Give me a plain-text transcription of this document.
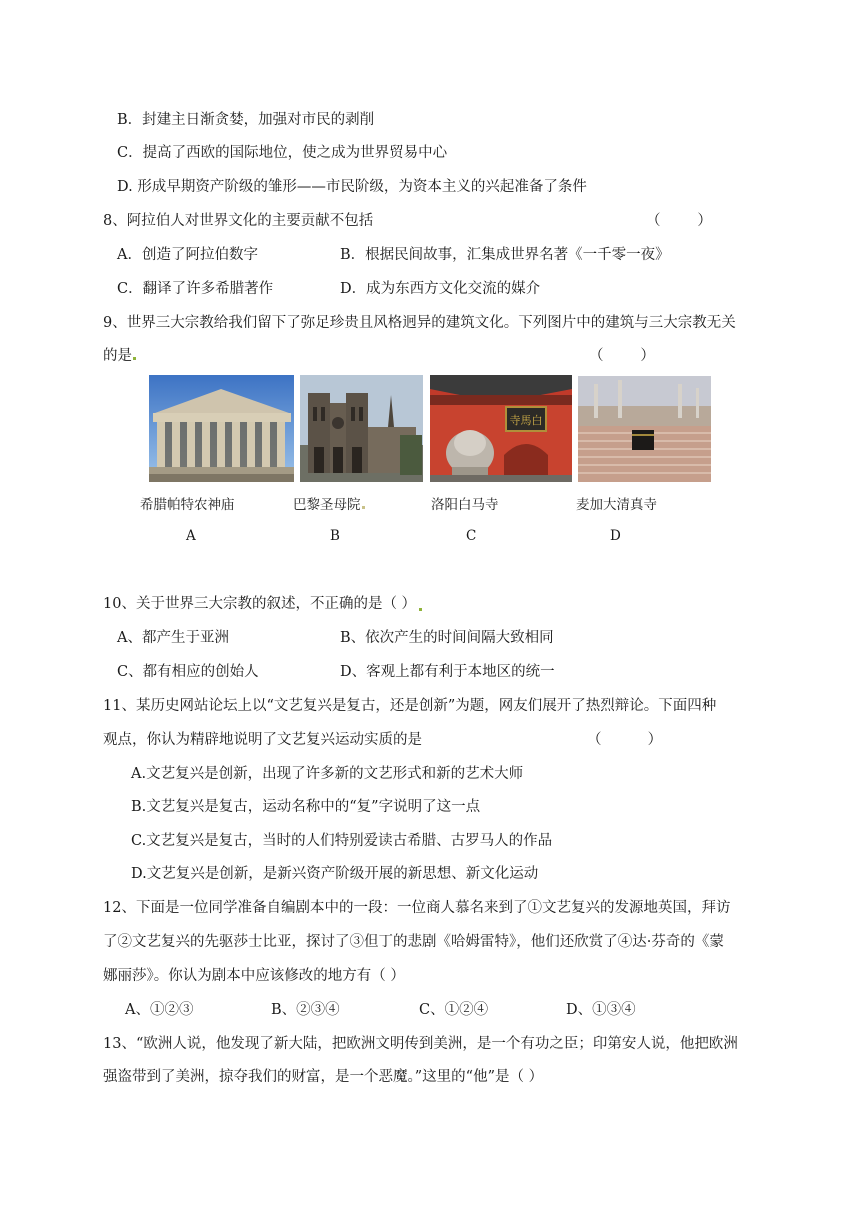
B．封建主日渐贪婪，加强对市民的剥削
C．提高了西欧的国际地位，使之成为世界贸易中心
D. 形成早期资产阶级的雏形——市民阶级，为资本主义的兴起准备了条件
8、阿拉伯人对世界文化的主要贡献不包括	（        ）
A．创造了阿拉伯数字	B．根据民间故事，汇集成世界名著《一千零一夜》
C．翻译了许多希腊著作	D．成为东西方文化交流的媒介
9、世界三大宗教给我们留下了弥足珍贵且风格迥异的建筑文化。下列图片中的建筑与三大宗教无关
的是	（        ）
寺馬白
希腊帕特农神庙	巴黎圣母院	洛阳白马寺	麦加大清真寺
A	B	C	D
10、关于世界三大宗教的叙述，不正确的是（ ）
A、都产生于亚洲	B、依次产生的时间间隔大致相同
C、都有相应的创始人	D、客观上都有利于本地区的统一
11、某历史网站论坛上以“文艺复兴是复古，还是创新”为题，网友们展开了热烈辩论。下面四种
观点，你认为精辟地说明了文艺复兴运动实质的是	（          ）
A.文艺复兴是创新，出现了许多新的文艺形式和新的艺术大师
B.文艺复兴是复古，运动名称中的“复”字说明了这一点
C.文艺复兴是复古，当时的人们特别爱读古希腊、古罗马人的作品
D.文艺复兴是创新，是新兴资产阶级开展的新思想、新文化运动
12、下面是一位同学准备自编剧本中的一段：一位商人慕名来到了①文艺复兴的发源地英国，拜访
了②文艺复兴的先驱莎士比亚，探讨了③但丁的悲剧《哈姆雷特》，他们还欣赏了④达·芬奇的《蒙
娜丽莎》。你认为剧本中应该修改的地方有（ ）
A、①②③	B、②③④	C、①②④	D、①③④
13、“欧洲人说，他发现了新大陆，把欧洲文明传到美洲，是一个有功之臣；印第安人说，他把欧洲
强盗带到了美洲，掠夺我们的财富，是一个恶魔。”这里的“他”是（ ）
